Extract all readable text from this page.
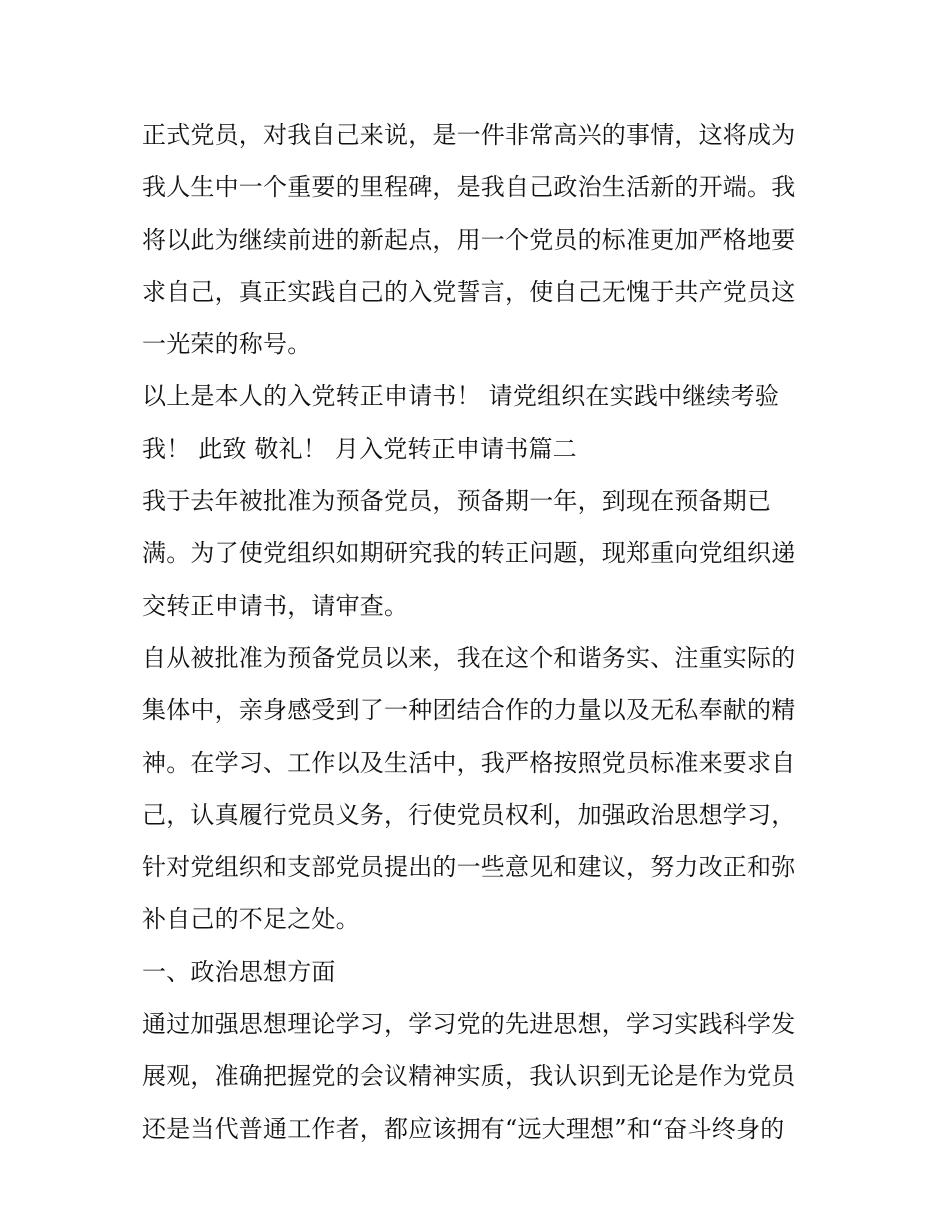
正式党员，对我自己来说，是一件非常高兴的事情，这将成为
我人生中一个重要的里程碑，是我自己政治生活新的开端。我
将以此为继续前进的新起点，用一个党员的标准更加严格地要
求自己，真正实践自己的入党誓言，使自己无愧于共产党员这
一光荣的称号。
以上是本人的入党转正申请书！ 请党组织在实践中继续考验
我！ 此致 敬礼！ 月入党转正申请书篇二
我于去年被批准为预备党员，预备期一年，到现在预备期已
满。为了使党组织如期研究我的转正问题，现郑重向党组织递
交转正申请书，请审查。
自从被批准为预备党员以来，我在这个和谐务实、注重实际的
集体中，亲身感受到了一种团结合作的力量以及无私奉献的精
神。在学习、工作以及生活中，我严格按照党员标准来要求自
己，认真履行党员义务，行使党员权利，加强政治思想学习，
针对党组织和支部党员提出的一些意见和建议，努力改正和弥
补自己的不足之处。
一、政治思想方面
通过加强思想理论学习，学习党的先进思想，学习实践科学发
展观，准确把握党的会议精神实质，我认识到无论是作为党员
还是当代普通工作者，都应该拥有“远大理想”和“奋斗终身的
